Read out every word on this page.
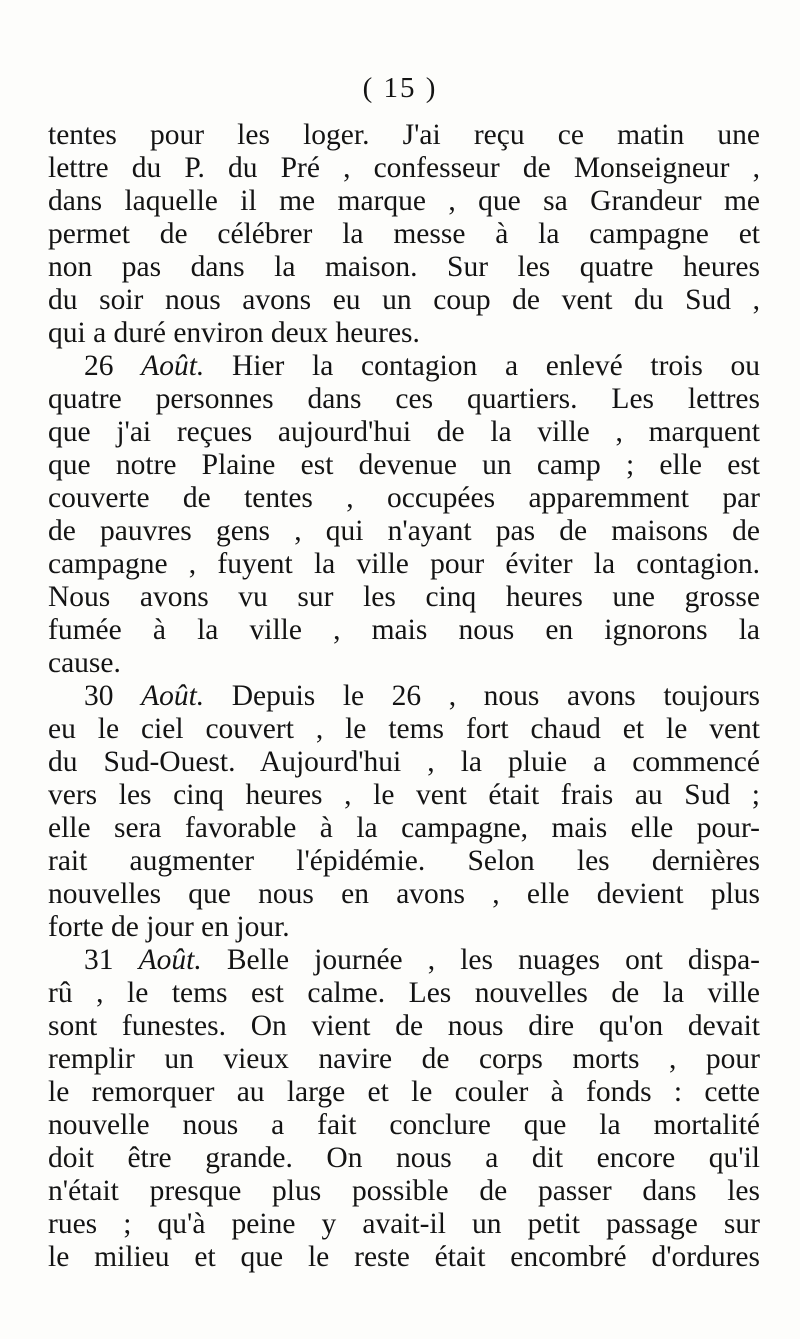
( 15 )
tentes pour les loger. J'ai reçu ce matin une
lettre du P. du Pré , confesseur de Monseigneur ,
dans laquelle il me marque , que sa Grandeur me
permet de célébrer la messe à la campagne et
non pas dans la maison. Sur les quatre heures
du soir nous avons eu un coup de vent du Sud ,
qui a duré environ deux heures.
26 Août. Hier la contagion a enlevé trois ou
quatre personnes dans ces quartiers. Les lettres
que j'ai reçues aujourd'hui de la ville , marquent
que notre Plaine est devenue un camp ; elle est
couverte de tentes , occupées apparemment par
de pauvres gens , qui n'ayant pas de maisons de
campagne , fuyent la ville pour éviter la contagion.
Nous avons vu sur les cinq heures une grosse
fumée à la ville , mais nous en ignorons la
cause.
30 Août. Depuis le 26 , nous avons toujours
eu le ciel couvert , le tems fort chaud et le vent
du Sud-Ouest. Aujourd'hui , la pluie a commencé
vers les cinq heures , le vent était frais au Sud ;
elle sera favorable à la campagne, mais elle pour-
rait augmenter l'épidémie. Selon les dernières
nouvelles que nous en avons , elle devient plus
forte de jour en jour.
31 Août. Belle journée , les nuages ont dispa-
rû , le tems est calme. Les nouvelles de la ville
sont funestes. On vient de nous dire qu'on devait
remplir un vieux navire de corps morts , pour
le remorquer au large et le couler à fonds : cette
nouvelle nous a fait conclure que la mortalité
doit être grande. On nous a dit encore qu'il
n'était presque plus possible de passer dans les
rues ; qu'à peine y avait-il un petit passage sur
le milieu et que le reste était encombré d'ordures
